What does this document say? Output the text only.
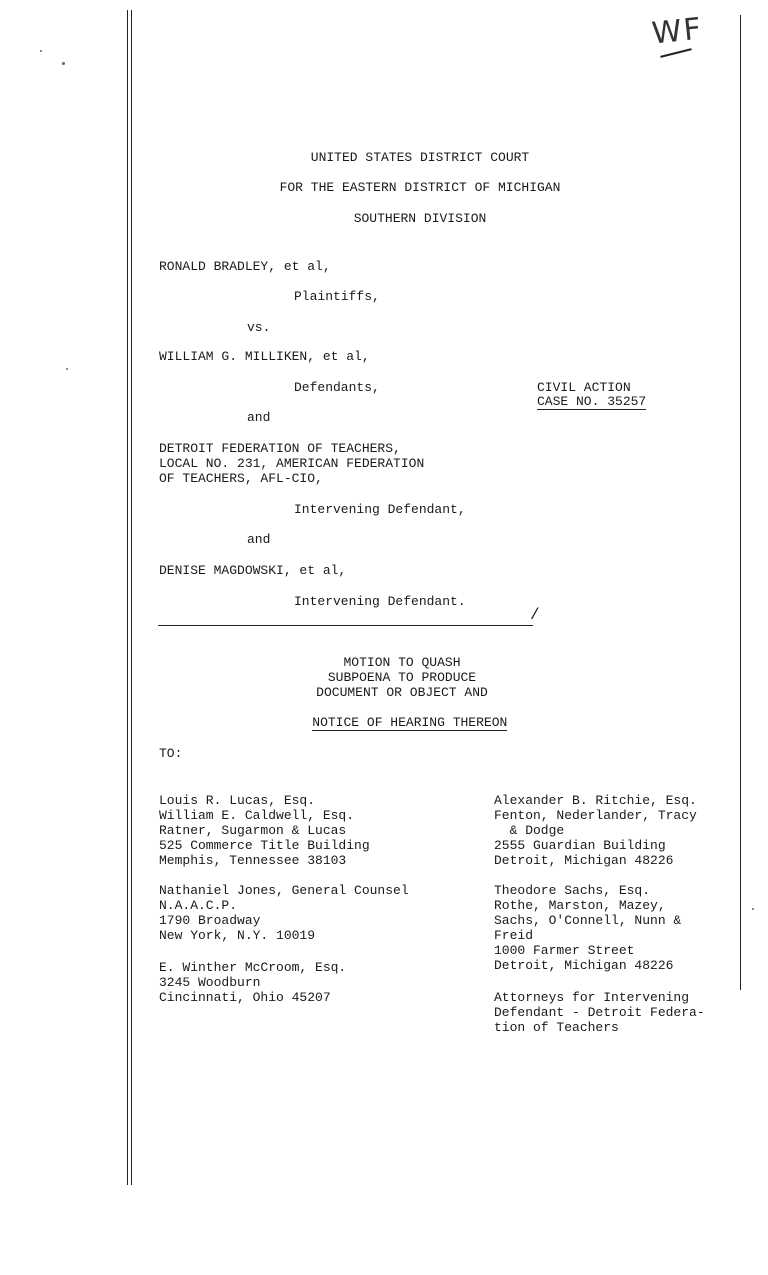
WF
UNITED STATES DISTRICT COURT
FOR THE EASTERN DISTRICT OF MICHIGAN
SOUTHERN DIVISION
RONALD BRADLEY, et al,
Plaintiffs,
vs.
WILLIAM G. MILLIKEN, et al,
Defendants,	CIVIL ACTION
CASE NO. 35257
and
DETROIT FEDERATION OF TEACHERS,
LOCAL NO. 231, AMERICAN FEDERATION
OF TEACHERS, AFL-CIO,
Intervening Defendant,
and
DENISE MAGDOWSKI, et al,
Intervening Defendant.
/
MOTION TO QUASH
SUBPOENA TO PRODUCE
DOCUMENT OR OBJECT AND

NOTICE OF HEARING THEREON

TO:
Louis R. Lucas, Esq.
William E. Caldwell, Esq.
Ratner, Sugarmon & Lucas
525 Commerce Title Building
Memphis, Tennessee 38103
Nathaniel Jones, General Counsel
N.A.A.C.P.
1790 Broadway
New York, N.Y. 10019
E. Winther McCroom, Esq.
3245 Woodburn
Cincinnati, Ohio 45207
Alexander B. Ritchie, Esq.
Fenton, Nederlander, Tracy
& Dodge
2555 Guardian Building
Detroit, Michigan 48226
Theodore Sachs, Esq.
Rothe, Marston, Mazey,
Sachs, O'Connell, Nunn &
Freid
1000 Farmer Street
Detroit, Michigan 48226
Attorneys for Intervening
Defendant - Detroit Federa-
tion of Teachers
